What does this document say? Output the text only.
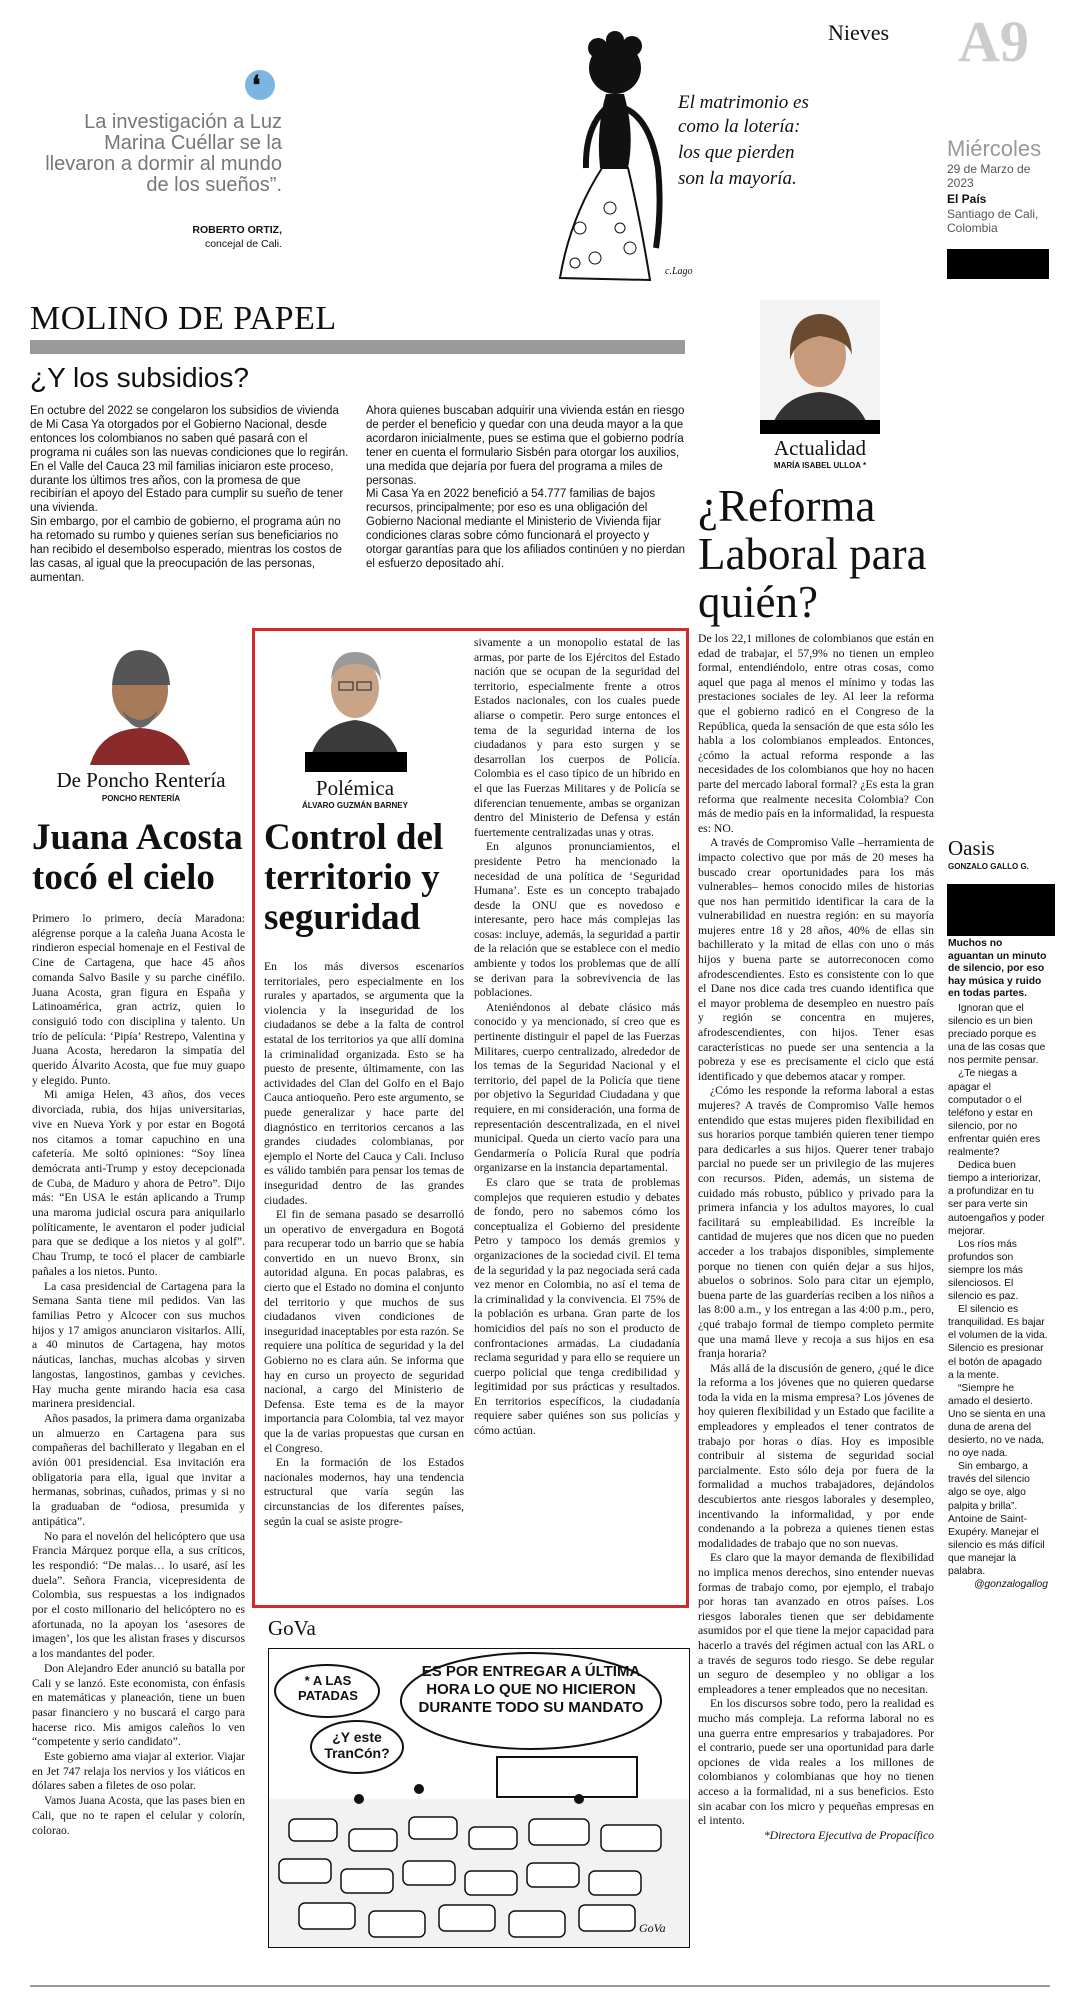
❛
La investigación a Luz Marina Cuéllar se la llevaron a dormir al mundo de los sueños”.
ROBERTO ORTIZ,
concejal de Cali.
El matrimonio es
como la lotería:
los que pierden
son la mayoría.
c.Lago
Nieves A9
Miércoles
29 de Marzo de 2023
El País
Santiago de Cali, Colombia
MOLINO DE PAPEL
¿Y los subsidios?
En octubre del 2022 se congelaron los subsidios de vivienda de Mi Casa Ya otorgados por el Gobierno Nacional, desde entonces los colombianos no saben qué pasará con el programa ni cuáles son las nuevas condiciones que lo regirán.
En el Valle del Cauca 23 mil familias iniciaron este proceso, durante los últimos tres años, con la promesa de que recibirían el apoyo del Estado para cumplir su sueño de tener una vivienda.
Sin embargo, por el cambio de gobierno, el programa aún no ha retomado su rumbo y quienes serían sus beneficiarios no han recibido el desembolso esperado, mientras los costos de las casas, al igual que la preocupación de las personas, aumentan.
Ahora quienes buscaban adquirir una vivienda están en riesgo de perder el beneficio y quedar con una deuda mayor a la que acordaron inicialmente, pues se estima que el gobierno podría tener en cuenta el formulario Sisbén para otorgar los auxilios, una medida que dejaría por fuera del programa a miles de personas.
Mi Casa Ya en 2022 benefició a 54.777 familias de bajos recursos, principalmente; por eso es una obligación del Gobierno Nacional mediante el Ministerio de Vivienda fijar condiciones claras sobre cómo funcionará el proyecto y otorgar garantías para que los afiliados continúen y no pierdan el esfuerzo depositado ahí.
Actualidad
MARÍA ISABEL ULLOA *
¿Reforma Laboral para quién?

De los 22,1 millones de colombianos que están en edad de trabajar, el 57,9% no tienen un empleo formal, entendiéndolo, entre otras cosas, como aquel que paga al menos el mínimo y todas las prestaciones sociales de ley. Al leer la reforma que el gobierno radicó en el Congreso de la República, queda la sensación de que esta sólo les habla a los colombianos empleados. Entonces, ¿cómo la actual reforma responde a las necesidades de los colombianos que hoy no hacen parte del mercado laboral formal? ¿Es esta la gran reforma que realmente necesita Colombia? Con más de medio país en la informalidad, la respuesta es: NO.

A través de Compromiso Valle –herramienta de impacto colectivo que por más de 20 meses ha buscado crear oportunidades para los más vulnerables– hemos conocido miles de historias que nos han permitido identificar la cara de la vulnerabilidad en nuestra región: en su mayoría mujeres entre 18 y 28 años, 40% de ellas sin bachillerato y la mitad de ellas con uno o más hijos y buena parte se autorreconocen como afrodescendientes. Esto es consistente con lo que el Dane nos dice cada tres cuando identifica que el mayor problema de desempleo en nuestro país y región se concentra en mujeres, afrodescendientes, con hijos. Tener esas características no puede ser una sentencia a la pobreza y ese es precisamente el ciclo que está identificado y que debemos atacar y romper.

¿Cómo les responde la reforma laboral a estas mujeres? A través de Compromiso Valle hemos entendido que estas mujeres piden flexibilidad en sus horarios porque también quieren tener tiempo para dedicarles a sus hijos. Querer tener trabajo parcial no puede ser un privilegio de las mujeres con recursos. Piden, además, un sistema de cuidado más robusto, público y privado para la primera infancia y los adultos mayores, lo cual facilitará su empleabilidad. Es increíble la cantidad de mujeres que nos dicen que no pueden acceder a los trabajos disponibles, simplemente porque no tienen con quién dejar a sus hijos, abuelos o sobrinos. Solo para citar un ejemplo, buena parte de las guarderías reciben a los niños a las 8:00 a.m., y los entregan a las 4:00 p.m., pero, ¿qué trabajo formal de tiempo completo permite que una mamá lleve y recoja a sus hijos en esa franja horaria?

Más allá de la discusión de genero, ¿qué le dice la reforma a los jóvenes que no quieren quedarse toda la vida en la misma empresa? Los jóvenes de hoy quieren flexibilidad y un Estado que facilite a empleadores y empleados el tener contratos de trabajo por horas o días. Hoy es imposible contribuir al sistema de seguridad social parcialmente. Esto sólo deja por fuera de la formalidad a muchos trabajadores, dejándolos descubiertos ante riesgos laborales y desempleo, incentivando la informalidad, y por ende condenando a la pobreza a quienes tienen estas modalidades de trabajo que no son nuevas.

Es claro que la mayor demanda de flexibilidad no implica menos derechos, sino entender nuevas formas de trabajo como, por ejemplo, el trabajo por horas tan avanzado en otros países. Los riesgos laborales tienen que ser debidamente asumidos por el que tiene la mejor capacidad para hacerlo a través del régimen actual con las ARL o a través de seguros todo riesgo. Se debe regular un seguro de desempleo y no obligar a los empleadores a tener empleados que no necesitan.

En los discursos sobre todo, pero la realidad es mucho más compleja. La reforma laboral no es una guerra entre empresarios y trabajadores. Por el contrario, puede ser una oportunidad para darle opciones de vida reales a los millones de colombianos y colombianas que hoy no tienen acceso a la formalidad, ni a sus beneficios. Esto sin acabar con los micro y pequeñas empresas en el intento.

*Directora Ejecutiva de Propacífico

De Poncho Rentería
PONCHO RENTERÍA
Juana Acosta tocó el cielo

Primero lo primero, decía Maradona: alégrense porque a la caleña Juana Acosta le rindieron especial homenaje en el Festival de Cine de Cartagena, que hace 45 años comanda Salvo Basile y su parche cinéfilo. Juana Acosta, gran figura en España y Latinoamérica, gran actriz, quien lo consiguió todo con disciplina y talento. Un trío de película: ‘Pipía’ Restrepo, Valentina y Juana Acosta, heredaron la simpatía del querido Álvarito Acosta, que fue muy guapo y elegido. Punto.

Mi amiga Helen, 43 años, dos veces divorciada, rubia, dos hijas universitarias, vive en Nueva York y por estar en Bogotá nos citamos a tomar capuchino en una cafetería. Me soltó opiniones: “Soy línea demócrata anti-Trump y estoy decepcionada de Cuba, de Maduro y ahora de Petro”. Dijo más: “En USA le están aplicando a Trump una maroma judicial oscura para aniquilarlo políticamente, le aventaron el poder judicial para que se dedique a los nietos y al golf”. Chau Trump, te tocó el placer de cambiarle pañales a los nietos. Punto.

La casa presidencial de Cartagena para la Semana Santa tiene mil pedidos. Van las familias Petro y Alcocer con sus muchos hijos y 17 amigos anunciaron visitarlos. Allí, a 40 minutos de Cartagena, hay motos náuticas, lanchas, muchas alcobas y sirven langostas, langostinos, gambas y ceviches. Hay mucha gente mirando hacia esa casa marinera presidencial.

Años pasados, la primera dama organizaba un almuerzo en Cartagena para sus compañeras del bachillerato y llegaban en el avión 001 presidencial. Esa invitación era obligatoria para ella, igual que invitar a hermanas, sobrinas, cuñados, primas y si no la graduaban de “odiosa, presumida y antipática”.

No para el novelón del helicóptero que usa Francia Márquez porque ella, a sus críticos, les respondió: “De malas… lo usaré, así les duela”. Señora Francia, vicepresidenta de Colombia, sus respuestas a los indignados por el costo millonario del helicóptero no es afortunada, no la apoyan los ‘asesores de imagen’, los que les alistan frases y discursos a los mandantes del poder.

Don Alejandro Eder anunció su batalla por Cali y se lanzó. Este economista, con énfasis en matemáticas y planeación, tiene un buen pasar financiero y no buscará el cargo para hacerse rico. Mis amigos caleños lo ven “competente y serio candidato”.

Este gobierno ama viajar al exterior. Viajar en Jet 747 relaja los nervios y los viáticos en dólares saben a filetes de oso polar.

Vamos Juana Acosta, que las pases bien en Cali, que no te rapen el celular y colorín, colorao.

Polémica
ÁLVARO GUZMÁN BARNEY
Control del territorio y seguridad

En los más diversos escenarios territoriales, pero especialmente en los rurales y apartados, se argumenta que la violencia y la inseguridad de los ciudadanos se debe a la falta de control estatal de los territorios ya que allí domina la criminalidad organizada. Esto se ha puesto de presente, últimamente, con las actividades del Clan del Golfo en el Bajo Cauca antioqueño. Pero este argumento, se puede generalizar y hace parte del diagnóstico en territorios cercanos a las grandes ciudades colombianas, por ejemplo el Norte del Cauca y Cali. Incluso es válido también para pensar los temas de inseguridad dentro de las grandes ciudades.

El fin de semana pasado se desarrolló un operativo de envergadura en Bogotá para recuperar todo un barrio que se había convertido en un nuevo Bronx, sin autoridad alguna. En pocas palabras, es cierto que el Estado no domina el conjunto del territorio y que muchos de sus ciudadanos viven condiciones de inseguridad inaceptables por esta razón. Se requiere una política de seguridad y la del Gobierno no es clara aún. Se informa que hay en curso un proyecto de seguridad nacional, a cargo del Ministerio de Defensa. Este tema es de la mayor importancia para Colombia, tal vez mayor que la de varias propuestas que cursan en el Congreso.

En la formación de los Estados nacionales modernos, hay una tendencia estructural que varía según las circunstancias de los diferentes países, según la cual se asiste progre-

sivamente a un monopolio estatal de las armas, por parte de los Ejércitos del Estado nación que se ocupan de la seguridad del territorio, especialmente frente a otros Estados nacionales, con los cuales puede aliarse o competir. Pero surge entonces el tema de la seguridad interna de los ciudadanos y para esto surgen y se desarrollan los cuerpos de Policía. Colombia es el caso típico de un híbrido en el que las Fuerzas Militares y de Policía se diferencian tenuemente, ambas se organizan dentro del Ministerio de Defensa y están fuertemente centralizadas unas y otras.

En algunos pronunciamientos, el presidente Petro ha mencionado la necesidad de una política de ‘Seguridad Humana’. Este es un concepto trabajado desde la ONU que es novedoso e interesante, pero hace más complejas las cosas: incluye, además, la seguridad a partir de la relación que se establece con el medio ambiente y todos los problemas que de allí se derivan para la sobrevivencia de las poblaciones.

Ateniéndonos al debate clásico más conocido y ya mencionado, sí creo que es pertinente distinguir el papel de las Fuerzas Militares, cuerpo centralizado, alrededor de los temas de la Seguridad Nacional y el territorio, del papel de la Policía que tiene por objetivo la Seguridad Ciudadana y que requiere, en mi consideración, una forma de representación descentralizada, en el nivel municipal. Queda un cierto vacío para una Gendarmería o Policía Rural que podría organizarse en la instancia departamental.

Es claro que se trata de problemas complejos que requieren estudio y debates de fondo, pero no sabemos cómo los conceptualiza el Gobierno del presidente Petro y tampoco los demás gremios y organizaciones de la sociedad civil. El tema de la seguridad y la paz negociada será cada vez menor en Colombia, no así el tema de la criminalidad y la convivencia. El 75% de la población es urbana. Gran parte de los homicidios del país no son el producto de confrontaciones armadas. La ciudadanía reclama seguridad y para ello se requiere un cuerpo policial que tenga credibilidad y legitimidad por sus prácticas y resultados. En territorios específicos, la ciudadanía requiere saber quiénes son sus policías y cómo actúan.

GoVa
* A LAS PATADAS
¿Y este TranCón?
ES POR ENTREGAR A ÚLTIMA HORA LO QUE NO HICIERON DURANTE TODO SU MANDATO
GoVa
Oasis
GONZALO GALLO G.
Muchos no aguantan un minuto de silencio, por eso hay música y ruido en todas partes.
Ignoran que el silencio es un bien preciado porque es una de las cosas que nos permite pensar.
¿Te niegas a apagar el computador o el teléfono y estar en silencio, por no enfrentar quién eres realmente?
Dedica buen tiempo a interiorizar, a profundizar en tu ser para verte sin autoengaños y poder mejorar.
Los ríos más profundos son siempre los más silenciosos. El silencio es paz.
El silencio es tranquilidad. Es bajar el volumen de la vida. Silencio es presionar el botón de apagado a la mente.
“Siempre he amado el desierto. Uno se sienta en una duna de arena del desierto, no ve nada, no oye nada.
Sin embargo, a través del silencio algo se oye, algo palpita y brilla”. Antoine de Saint-Exupéry. Manejar el silencio es más difícil que manejar la palabra.
@gonzalogallog
